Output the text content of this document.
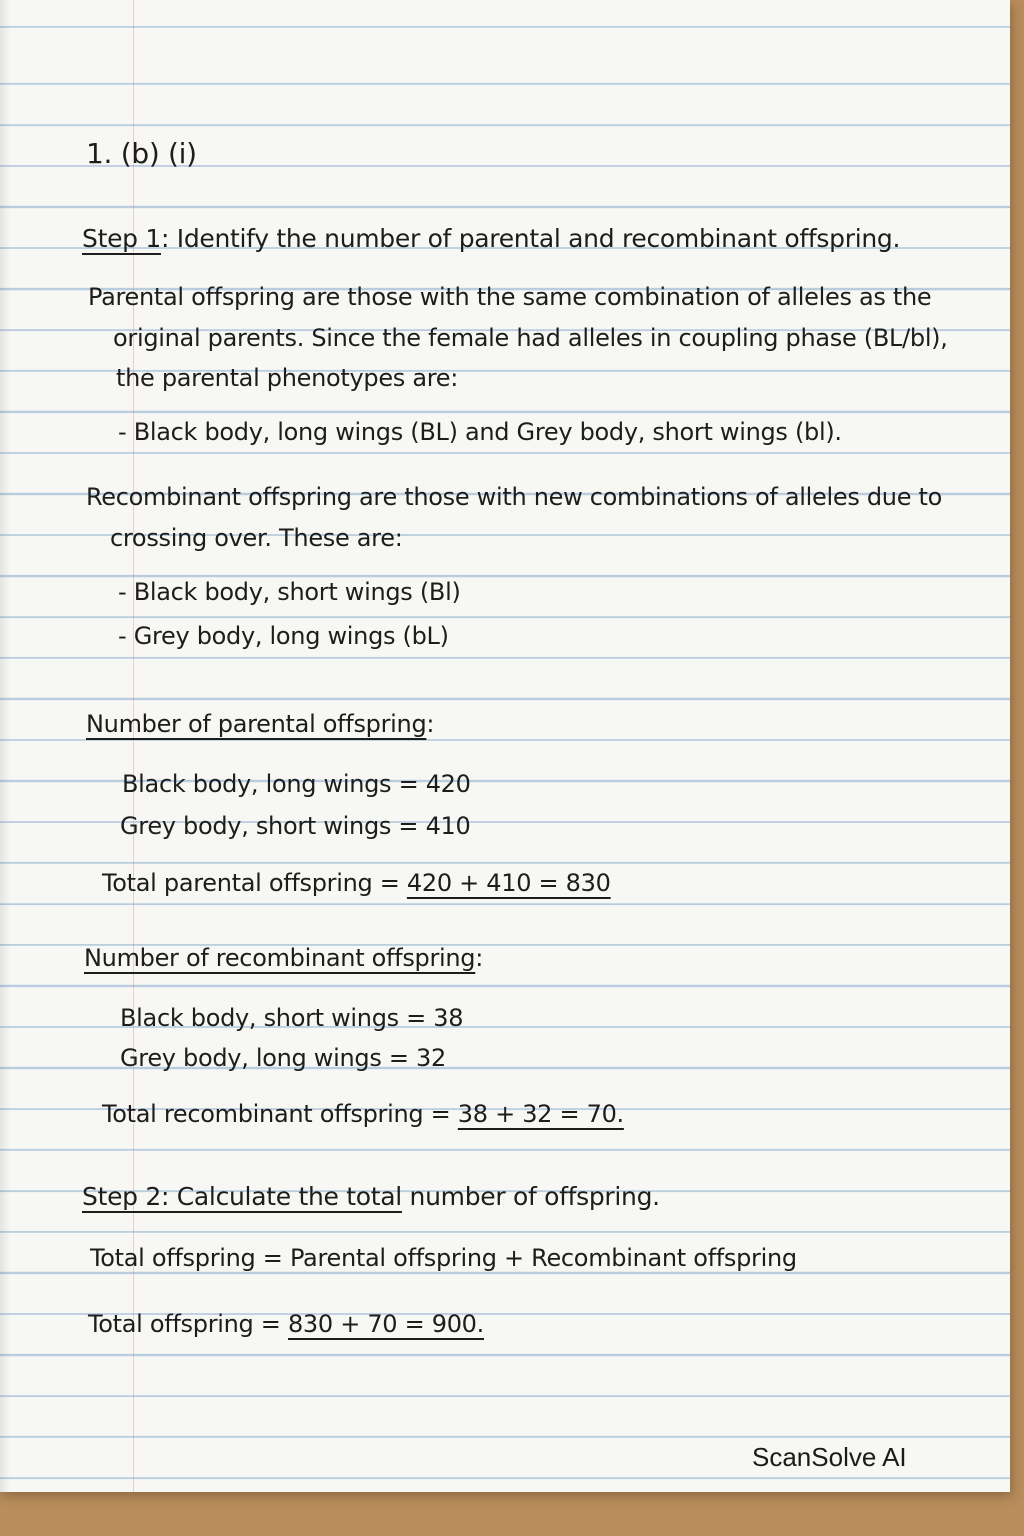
1. (b) (i)
Step 1: Identify the number of parental and recombinant offspring.
Parental offspring are those with the same combination of alleles as the
original parents. Since the female had alleles in coupling phase (BL/bl),
the parental phenotypes are:
- Black body, long wings (BL) and Grey body, short wings (bl).
Recombinant offspring are those with new combinations of alleles due to
crossing over. These are:
- Black body, short wings (Bl)
- Grey body, long wings (bL)
Number of parental offspring:
Black body, long wings = 420
Grey body, short wings = 410
Total parental offspring = 420 + 410 = 830
Number of recombinant offspring:
Black body, short wings = 38
Grey body, long wings = 32
Total recombinant offspring = 38 + 32 = 70.
Step 2: Calculate the total number of offspring.
Total offspring = Parental offspring + Recombinant offspring
Total offspring = 830 + 70 = 900.
ScanSolve AI
